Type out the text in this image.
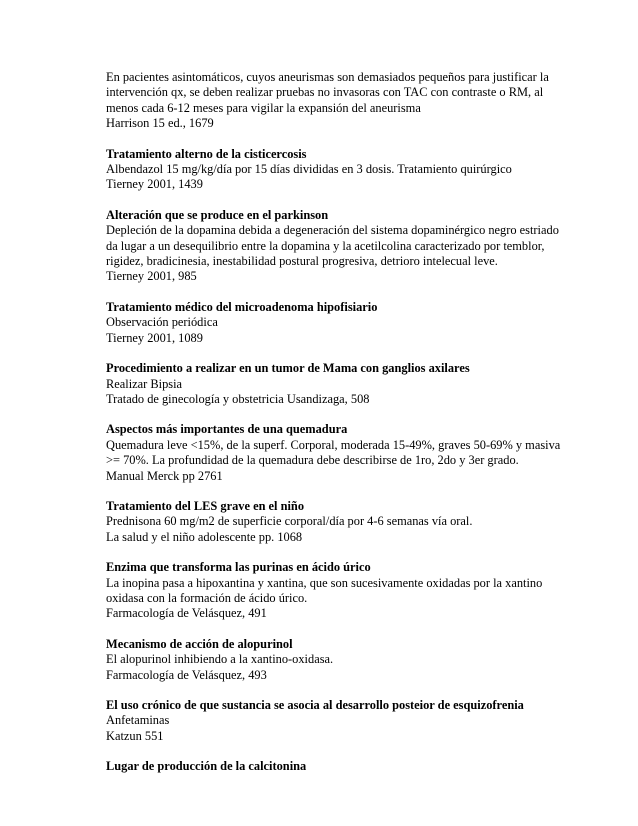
En pacientes asintomáticos, cuyos aneurismas son demasiados pequeños para justificar la intervención qx, se deben realizar pruebas no invasoras con TAC con contraste o RM, al menos cada 6-12 meses para vigilar la expansión del aneurisma
Harrison 15 ed., 1679
Tratamiento alterno de la cisticercosis
Albendazol 15 mg/kg/día por 15 días divididas en 3 dosis. Tratamiento quirúrgico
Tierney 2001, 1439
Alteración que se produce en el parkinson
Depleción de la dopamina debida a degeneración del sistema dopaminérgico negro estriado da lugar a un desequilibrio entre la dopamina y la acetilcolina caracterizado por temblor, rigidez, bradicinesia, inestabilidad postural progresiva, detrioro intelecual leve.
Tierney 2001, 985
Tratamiento médico del microadenoma hipofisiario
Observación periódica
Tierney 2001, 1089
Procedimiento a realizar en un tumor de Mama con ganglios axilares
Realizar Bipsia
Tratado de ginecología y obstetricia Usandizaga, 508
Aspectos más importantes de una quemadura
Quemadura leve <15%, de la superf. Corporal, moderada 15-49%, graves 50-69% y masiva >= 70%. La profundidad de la quemadura debe describirse de 1ro, 2do y 3er grado.
Manual Merck pp 2761
Tratamiento del LES grave en el niño
Prednisona 60 mg/m2 de superficie corporal/día por 4-6 semanas vía oral.
La salud y el niño adolescente pp. 1068
Enzima que transforma las purinas en ácido úrico
La inopina pasa a hipoxantina y xantina, que son sucesivamente oxidadas por la xantino oxidasa con la formación de ácido úrico.
Farmacología de Velásquez, 491
Mecanismo de acción de alopurinol
El alopurinol inhibiendo a la xantino-oxidasa.
Farmacología de Velásquez, 493
El uso crónico de que sustancia se asocia al desarrollo posteior de esquizofrenia
Anfetaminas
Katzun 551
Lugar de producción de la calcitonina
